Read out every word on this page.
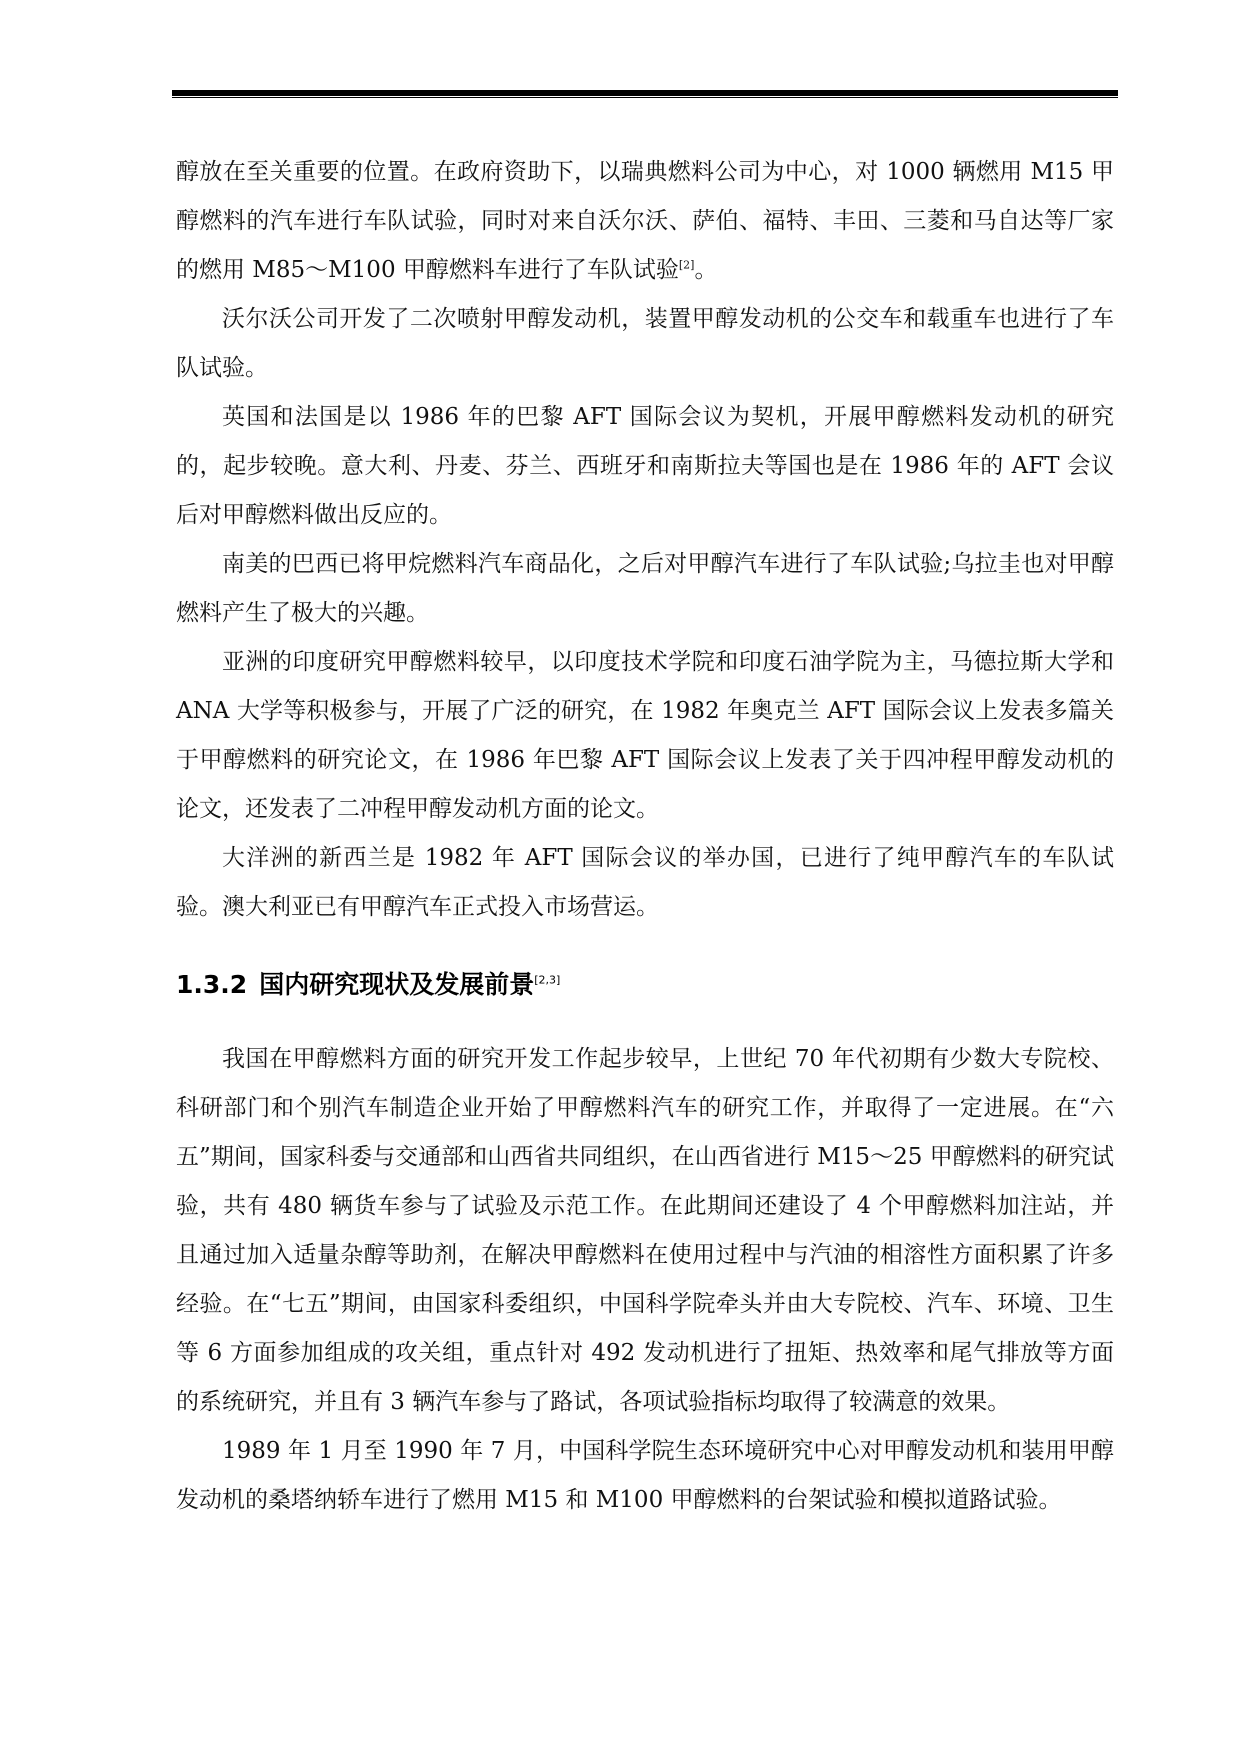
醇放在至关重要的位置。在政府资助下，以瑞典燃料公司为中心，对 1000 辆燃用 M15 甲醇燃料的汽车进行车队试验，同时对来自沃尔沃、萨伯、福特、丰田、三菱和马自达等厂家的燃用 M85～M100 甲醇燃料车进行了车队试验[2]。

沃尔沃公司开发了二次喷射甲醇发动机，装置甲醇发动机的公交车和载重车也进行了车队试验。

英国和法国是以 1986 年的巴黎 AFT 国际会议为契机，开展甲醇燃料发动机的研究的，起步较晚。意大利、丹麦、芬兰、西班牙和南斯拉夫等国也是在 1986 年的 AFT 会议后对甲醇燃料做出反应的。

南美的巴西已将甲烷燃料汽车商品化，之后对甲醇汽车进行了车队试验;乌拉圭也对甲醇燃料产生了极大的兴趣。

亚洲的印度研究甲醇燃料较早，以印度技术学院和印度石油学院为主，马德拉斯大学和 ANA 大学等积极参与，开展了广泛的研究，在 1982 年奥克兰 AFT 国际会议上发表多篇关于甲醇燃料的研究论文，在 1986 年巴黎 AFT 国际会议上发表了关于四冲程甲醇发动机的论文，还发表了二冲程甲醇发动机方面的论文。

大洋洲的新西兰是 1982 年 AFT 国际会议的举办国，已进行了纯甲醇汽车的车队试验。澳大利亚已有甲醇汽车正式投入市场营运。

1.3.2 国内研究现状及发展前景[2,3]

我国在甲醇燃料方面的研究开发工作起步较早，上世纪 70 年代初期有少数大专院校、科研部门和个别汽车制造企业开始了甲醇燃料汽车的研究工作，并取得了一定进展。在“六五”期间，国家科委与交通部和山西省共同组织，在山西省进行 M15～25 甲醇燃料的研究试验，共有 480 辆货车参与了试验及示范工作。在此期间还建设了 4 个甲醇燃料加注站，并且通过加入适量杂醇等助剂，在解决甲醇燃料在使用过程中与汽油的相溶性方面积累了许多经验。在“七五”期间，由国家科委组织，中国科学院牵头并由大专院校、汽车、环境、卫生等 6 方面参加组成的攻关组，重点针对 492 发动机进行了扭矩、热效率和尾气排放等方面的系统研究，并且有 3 辆汽车参与了路试，各项试验指标均取得了较满意的效果。

1989 年 1 月至 1990 年 7 月，中国科学院生态环境研究中心对甲醇发动机和装用甲醇发动机的桑塔纳轿车进行了燃用 M15 和 M100 甲醇燃料的台架试验和模拟道路试验。
